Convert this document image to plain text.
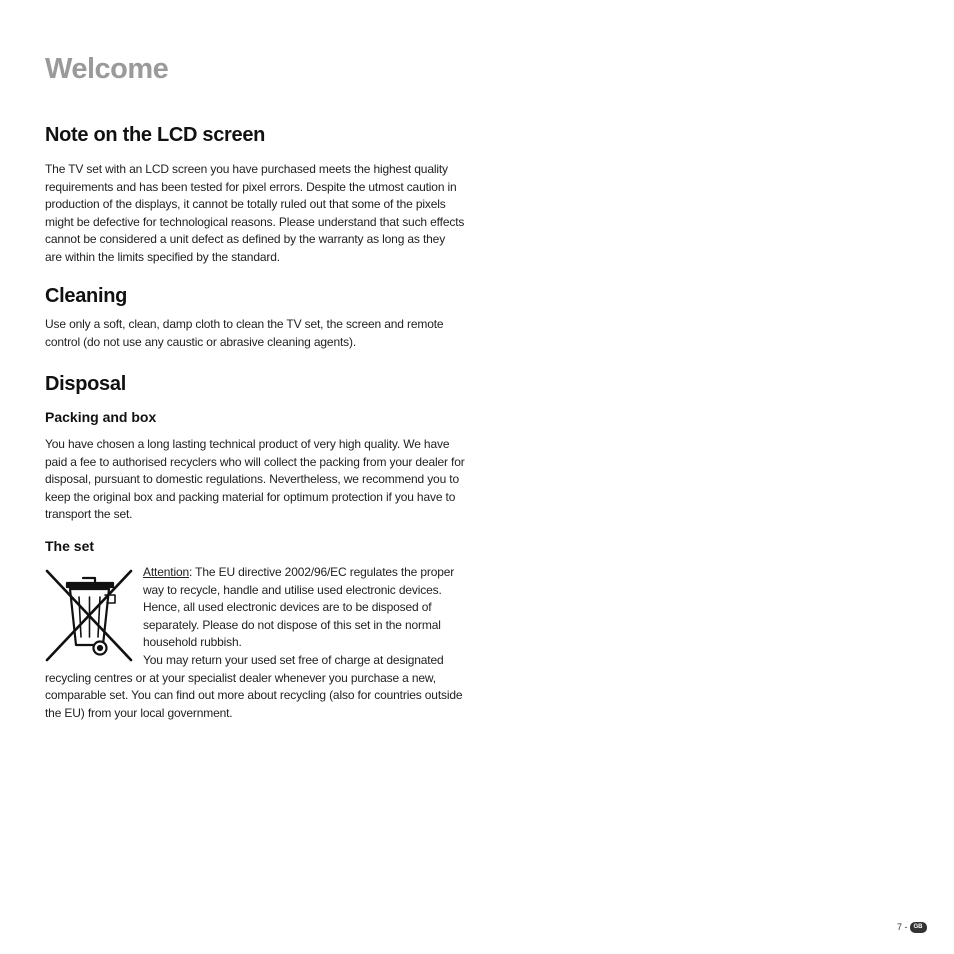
Welcome
Note on the LCD screen

The TV set with an LCD screen you have purchased meets the highest quality requirements and has been tested for pixel errors. Despite the utmost caution in production of the displays, it cannot be totally ruled out that some of the pixels might be defective for technological reasons. Please understand that such effects cannot be considered a unit defect as defined by the warranty as long as they are within the limits specified by the standard.

Cleaning

Use only a soft, clean, damp cloth to clean the TV set, the screen and remote control (do not use any caustic or abrasive cleaning agents).

Disposal
Packing and box

You have chosen a long lasting technical product of very high quality. We have paid a fee to authorised recyclers who will collect the packing from your dealer for disposal, pursuant to domestic regulations. Nevertheless, we recommend you to keep the original box and packing material for optimum protection if you have to transport the set.

The set

Attention: The EU directive 2002/96/EC regulates the proper way to recycle, handle and utilise used electronic devices. Hence, all used electronic devices are to be disposed of separately. Please do not dispose of this set in the normal household rubbish.
You may return your used set free of charge at designated recycling centres or at your specialist dealer whenever you purchase a new, comparable set. You can find out more about recycling (also for countries outside the EU) from your local government.

7 -	GB
